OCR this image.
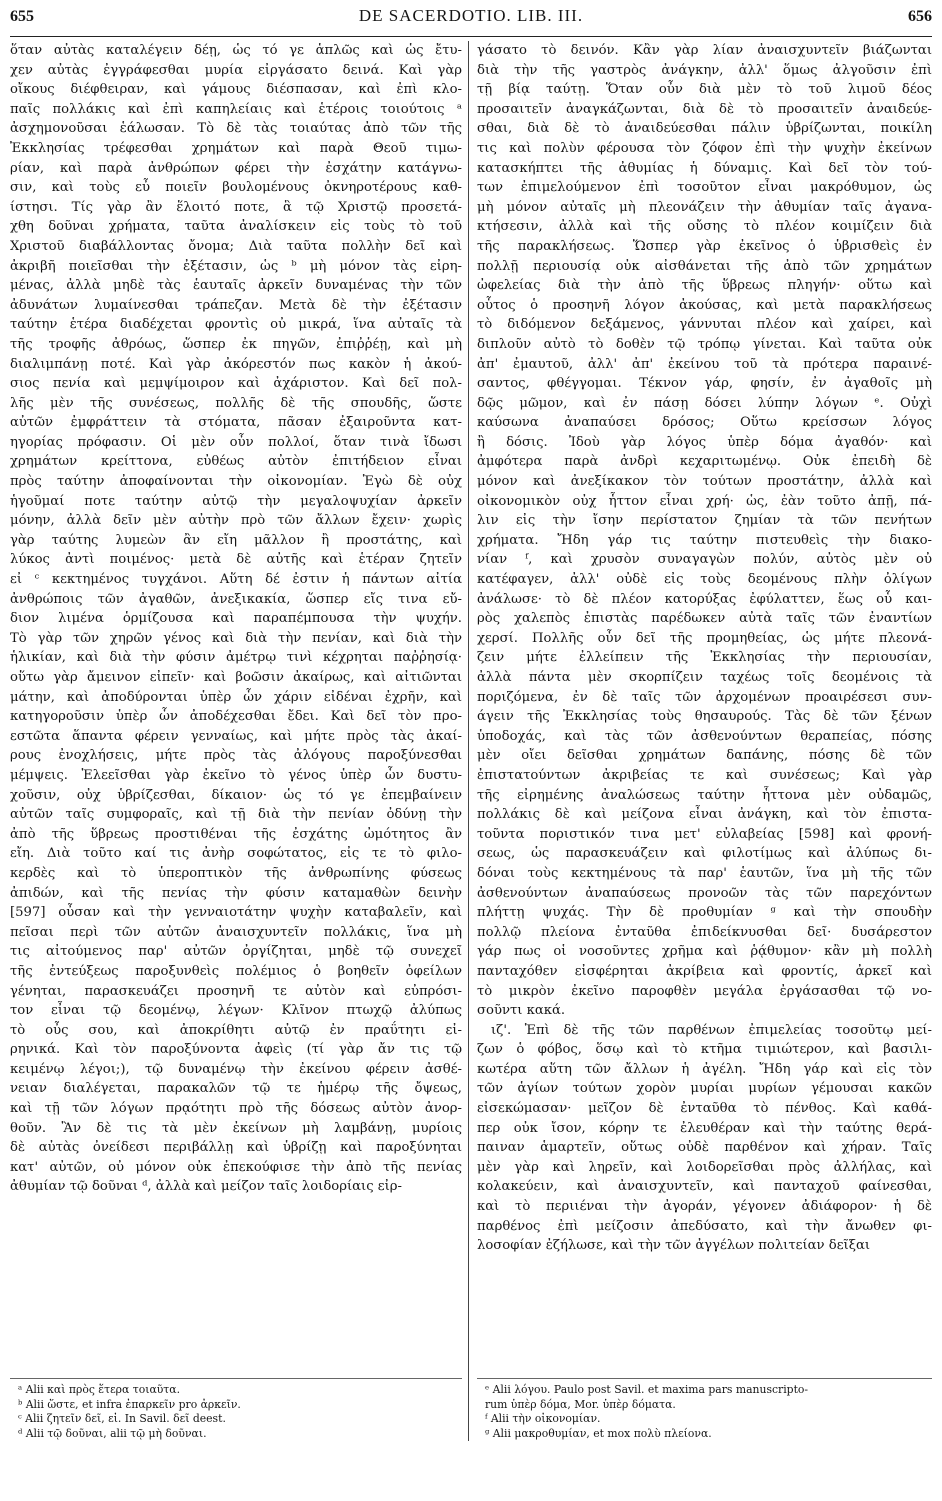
655	DE SACERDOTIO. LIB. III.	656
ὅταν αὐτὰς καταλέγειν δέῃ, ὡς τό γε ἁπλῶς καὶ ὡς ἔτυ-
χεν αὐτὰς ἐγγράφεσθαι μυρία εἰργάσατο δεινά. Καὶ γὰρ
οἴκους διέφθειραν, καὶ γάμους διέσπασαν, καὶ ἐπὶ κλο-
παῖς πολλάκις καὶ ἐπὶ καπηλείαις καὶ ἑτέροις τοιούτοις ᵃ
ἀσχημονοῦσαι ἑάλωσαν. Τὸ δὲ τὰς τοιαύτας ἀπὸ τῶν τῆς
Ἐκκλησίας τρέφεσθαι χρημάτων καὶ παρὰ Θεοῦ τιμω-
ρίαν, καὶ παρὰ ἀνθρώπων φέρει τὴν ἐσχάτην κατάγνω-
σιν, καὶ τοὺς εὖ ποιεῖν βουλομένους ὀκνηροτέρους καθ-
ίστησι. Τίς γὰρ ἂν ἕλοιτό ποτε, ἃ τῷ Χριστῷ προσετά-
χθη δοῦναι χρήματα, ταῦτα ἀναλίσκειν εἰς τοὺς τὸ τοῦ
Χριστοῦ διαβάλλοντας ὄνομα; Διὰ ταῦτα πολλὴν δεῖ καὶ
ἀκριβῆ ποιεῖσθαι τὴν ἐξέτασιν, ὡς ᵇ μὴ μόνον τὰς εἰρη-
μένας, ἀλλὰ μηδὲ τὰς ἑαυταῖς ἀρκεῖν δυναμένας τὴν τῶν
ἀδυνάτων λυμαίνεσθαι τράπεζαν. Μετὰ δὲ τὴν ἐξέτασιν
ταύτην ἑτέρα διαδέχεται φροντὶς οὐ μικρά, ἵνα αὐταῖς τὰ
τῆς τροφῆς ἀθρόως, ὥσπερ ἐκ πηγῶν, ἐπιῤῥέῃ, καὶ μὴ
διαλιμπάνῃ ποτέ. Καὶ γὰρ ἀκόρεστόν πως κακὸν ἡ ἀκού-
σιος πενία καὶ μεμψίμοιρον καὶ ἀχάριστον. Καὶ δεῖ πολ-
λῆς μὲν τῆς συνέσεως, πολλῆς δὲ τῆς σπουδῆς, ὥστε
αὐτῶν ἐμφράττειν τὰ στόματα, πᾶσαν ἐξαιροῦντα κατ-
ηγορίας πρόφασιν. Οἱ μὲν οὖν πολλοί, ὅταν τινὰ ἴδωσι
χρημάτων κρείττονα, εὐθέως αὐτὸν ἐπιτήδειον εἶναι
πρὸς ταύτην ἀποφαίνονται τὴν οἰκονομίαν. Ἐγὼ δὲ οὐχ
ἡγοῦμαί ποτε ταύτην αὐτῷ τὴν μεγαλοψυχίαν ἀρκεῖν
μόνην, ἀλλὰ δεῖν μὲν αὐτὴν πρὸ τῶν ἄλλων ἔχειν· χωρὶς
γὰρ ταύτης λυμεὼν ἂν εἴη μᾶλλον ἢ προστάτης, καὶ
λύκος ἀντὶ ποιμένος· μετὰ δὲ αὐτῆς καὶ ἑτέραν ζητεῖν
εἰ ᶜ κεκτημένος τυγχάνοι. Αὕτη δέ ἐστιν ἡ πάντων αἰτία
ἀνθρώποις τῶν ἀγαθῶν, ἀνεξικακία, ὥσπερ εἴς τινα εὔ-
διον λιμένα ὁρμίζουσα καὶ παραπέμπουσα τὴν ψυχήν.
Τὸ γὰρ τῶν χηρῶν γένος καὶ διὰ τὴν πενίαν, καὶ διὰ τὴν
ἡλικίαν, καὶ διὰ τὴν φύσιν ἀμέτρῳ τινὶ κέχρηται παῤῥησίᾳ·
οὕτω γὰρ ἄμεινον εἰπεῖν· καὶ βοῶσιν ἀκαίρως, καὶ αἰτιῶνται
μάτην, καὶ ἀποδύρονται ὑπὲρ ὧν χάριν εἰδέναι ἐχρῆν, καὶ
κατηγοροῦσιν ὑπὲρ ὧν ἀποδέχεσθαι ἔδει. Καὶ δεῖ τὸν προ-
εστῶτα ἅπαντα φέρειν γενναίως, καὶ μήτε πρὸς τὰς ἀκαί-
ρους ἐνοχλήσεις, μήτε πρὸς τὰς ἀλόγους παροξύνεσθαι
μέμψεις. Ἐλεεῖσθαι γὰρ ἐκεῖνο τὸ γένος ὑπὲρ ὧν δυστυ-
χοῦσιν, οὐχ ὑβρίζεσθαι, δίκαιον· ὡς τό γε ἐπεμβαίνειν
αὐτῶν ταῖς συμφοραῖς, καὶ τῇ διὰ τὴν πενίαν ὀδύνῃ τὴν
ἀπὸ τῆς ὕβρεως προστιθέναι τῆς ἐσχάτης ὠμότητος ἂν
εἴη. Διὰ τοῦτο καί τις ἀνὴρ σοφώτατος, εἰς τε τὸ φιλο-
κερδὲς καὶ τὸ ὑπεροπτικὸν τῆς ἀνθρωπίνης φύσεως
ἀπιδών, καὶ τῆς πενίας τὴν φύσιν καταμαθὼν δεινὴν
[597] οὖσαν καὶ τὴν γενναιοτάτην ψυχὴν καταβαλεῖν, καὶ
πεῖσαι περὶ τῶν αὐτῶν ἀναισχυντεῖν πολλάκις, ἵνα μὴ
τις αἰτούμενος παρ' αὐτῶν ὀργίζηται, μηδὲ τῷ συνεχεῖ
τῆς ἐντεύξεως παροξυνθεὶς πολέμιος ὁ βοηθεῖν ὀφείλων
γένηται, παρασκευάζει προσηνῆ τε αὐτὸν καὶ εὐπρόσι-
τον εἶναι τῷ δεομένῳ, λέγων· Κλῖνον πτωχῷ ἀλύπως
τὸ οὖς σου, καὶ ἀποκρίθητι αὐτῷ ἐν πραΰτητι εἰ-
ρηνικά. Καὶ τὸν παροξύνοντα ἀφεὶς (τί γὰρ ἄν τις τῷ
κειμένῳ λέγοι;), τῷ δυναμένῳ τὴν ἐκείνου φέρειν ἀσθέ-
νειαν διαλέγεται, παρακαλῶν τῷ τε ἡμέρῳ τῆς ὄψεως,
καὶ τῇ τῶν λόγων πρᾳότητι πρὸ τῆς δόσεως αὐτὸν ἀνορ-
θοῦν. Ἂν δὲ τις τὰ μὲν ἐκείνων μὴ λαμβάνῃ, μυρίοις
δὲ αὐτὰς ὀνείδεσι περιβάλλῃ καὶ ὑβρίζῃ καὶ παροξύνηται
κατ' αὐτῶν, οὐ μόνον οὐκ ἐπεκούφισε τὴν ἀπὸ τῆς πενίας
ἀθυμίαν τῷ δοῦναι ᵈ, ἀλλὰ καὶ μείζον ταῖς λοιδορίαις εἰρ-
ᵃ Alii καὶ πρὸς ἕτερα τοιαῦτα.
ᵇ Alii ὥστε, et infra ἐπαρκεῖν pro ἀρκεῖν.
ᶜ Alii ζητεῖν δεῖ, εἰ. In Savil. δεῖ deest.
ᵈ Alii τῷ δοῦναι, alii τῷ μὴ δοῦναι.
γάσατο τὸ δεινόν. Κἂν γὰρ λίαν ἀναισχυντεῖν βιάζωνται
διὰ τὴν τῆς γαστρὸς ἀνάγκην, ἀλλ' ὅμως ἀλγοῦσιν ἐπὶ
τῇ βίᾳ ταύτῃ. Ὅταν οὖν διὰ μὲν τὸ τοῦ λιμοῦ δέος
προσαιτεῖν ἀναγκάζωνται, διὰ δὲ τὸ προσαιτεῖν ἀναιδεύε-
σθαι, διὰ δὲ τὸ ἀναιδεύεσθαι πάλιν ὑβρίζωνται, ποικίλη
τις καὶ πολὺν φέρουσα τὸν ζόφον ἐπὶ τὴν ψυχὴν ἐκείνων
κατασκήπτει τῆς ἀθυμίας ἡ δύναμις. Καὶ δεῖ τὸν τού-
των ἐπιμελούμενον ἐπὶ τοσοῦτον εἶναι μακρόθυμον, ὡς
μὴ μόνον αὐταῖς μὴ πλεονάζειν τὴν ἀθυμίαν ταῖς ἀγανα-
κτήσεσιν, ἀλλὰ καὶ τῆς οὔσης τὸ πλέον κοιμίζειν διὰ
τῆς παρακλήσεως. Ὥσπερ γὰρ ἐκεῖνος ὁ ὑβρισθεὶς ἐν
πολλῇ περιουσίᾳ οὐκ αἰσθάνεται τῆς ἀπὸ τῶν χρημάτων
ὠφελείας διὰ τὴν ἀπὸ τῆς ὕβρεως πληγήν· οὕτω καὶ
οὗτος ὁ προσηνῆ λόγον ἀκούσας, καὶ μετὰ παρακλήσεως
τὸ διδόμενον δεξάμενος, γάννυται πλέον καὶ χαίρει, καὶ
διπλοῦν αὐτὸ τὸ δοθὲν τῷ τρόπῳ γίνεται. Καὶ ταῦτα οὐκ
ἀπ' ἐμαυτοῦ, ἀλλ' ἀπ' ἐκείνου τοῦ τὰ πρότερα παραινέ-
σαντος, φθέγγομαι. Τέκνον γάρ, φησίν, ἐν ἀγαθοῖς μὴ
δῷς μῶμον, καὶ ἐν πάσῃ δόσει λύπην λόγων ᵉ. Οὐχὶ
καύσωνα ἀναπαύσει δρόσος; Οὕτω κρείσσων λόγος
ἢ δόσις. Ἰδοὺ γὰρ λόγος ὑπὲρ δόμα ἀγαθόν· καὶ
ἀμφότερα παρὰ ἀνδρὶ κεχαριτωμένῳ. Οὐκ ἐπειδὴ δὲ
μόνον καὶ ἀνεξίκακον τὸν τούτων προστάτην, ἀλλὰ καὶ
οἰκονομικὸν οὐχ ἧττον εἶναι χρή· ὡς, ἐὰν τοῦτο ἀπῇ, πά-
λιν εἰς τὴν ἴσην περίστατον ζημίαν τὰ τῶν πενήτων
χρήματα. Ἤδη γάρ τις ταύτην πιστευθεὶς τὴν διακο-
νίαν ᶠ, καὶ χρυσὸν συναγαγὼν πολύν, αὐτὸς μὲν οὐ
κατέφαγεν, ἀλλ' οὐδὲ εἰς τοὺς δεομένους πλὴν ὀλίγων
ἀνάλωσε· τὸ δὲ πλέον κατορύξας ἐφύλαττεν, ἕως οὗ και-
ρὸς χαλεπὸς ἐπιστὰς παρέδωκεν αὐτὰ ταῖς τῶν ἐναντίων
χερσί. Πολλῆς οὖν δεῖ τῆς προμηθείας, ὡς μήτε πλεονά-
ζειν μήτε ἐλλείπειν τῆς Ἐκκλησίας τὴν περιουσίαν,
ἀλλὰ πάντα μὲν σκορπίζειν ταχέως τοῖς δεομένοις τὰ
ποριζόμενα, ἐν δὲ ταῖς τῶν ἀρχομένων προαιρέσεσι συν-
άγειν τῆς Ἐκκλησίας τοὺς θησαυρούς. Τὰς δὲ τῶν ξένων
ὑποδοχάς, καὶ τὰς τῶν ἀσθενούντων θεραπείας, πόσης
μὲν οἴει δεῖσθαι χρημάτων δαπάνης, πόσης δὲ τῶν
ἐπιστατούντων ἀκριβείας τε καὶ συνέσεως; Καὶ γὰρ
τῆς εἰρημένης ἀναλώσεως ταύτην ἧττονα μὲν οὐδαμῶς,
πολλάκις δὲ καὶ μείζονα εἶναι ἀνάγκη, καὶ τὸν ἐπιστα-
τοῦντα ποριστικόν τινα μετ' εὐλαβείας [598] καὶ φρονή-
σεως, ὡς παρασκευάζειν καὶ φιλοτίμως καὶ ἀλύπως δι-
δόναι τοὺς κεκτημένους τὰ παρ' ἑαυτῶν, ἵνα μὴ τῆς τῶν
ἀσθενούντων ἀναπαύσεως προνοῶν τὰς τῶν παρεχόντων
πλήττῃ ψυχάς. Τὴν δὲ προθυμίαν ᵍ καὶ τὴν σπουδὴν
πολλῷ πλείονα ἐνταῦθα ἐπιδείκνυσθαι δεῖ· δυσάρεστον
γάρ πως οἱ νοσοῦντες χρῆμα καὶ ῥᾴθυμον· κἂν μὴ πολλὴ
πανταχόθεν εἰσφέρηται ἀκρίβεια καὶ φροντίς, ἀρκεῖ καὶ
τὸ μικρὸν ἐκεῖνο παροφθὲν μεγάλα ἐργάσασθαι τῷ νο-
σοῦντι κακά.
ιζ'. Ἐπὶ δὲ τῆς τῶν παρθένων ἐπιμελείας τοσοῦτῳ μεί-
ζων ὁ φόβος, ὅσῳ καὶ τὸ κτῆμα τιμιώτερον, καὶ βασιλι-
κωτέρα αὕτη τῶν ἄλλων ἡ ἀγέλη. Ἤδη γάρ καὶ εἰς τὸν
τῶν ἁγίων τούτων χορὸν μυρίαι μυρίων γέμουσαι κακῶν
εἰσεκώμασαν· μεῖζον δὲ ἐνταῦθα τὸ πένθος. Καὶ καθά-
περ οὐκ ἴσον, κόρην τε ἐλευθέραν καὶ τὴν ταύτης θερά-
παιναν ἁμαρτεῖν, οὕτως οὐδὲ παρθένον καὶ χήραν. Ταῖς
μὲν γὰρ καὶ ληρεῖν, καὶ λοιδορεῖσθαι πρὸς ἀλλήλας, καὶ
κολακεύειν, καὶ ἀναισχυντεῖν, καὶ πανταχοῦ φαίνεσθαι,
καὶ τὸ περιιέναι τὴν ἀγοράν, γέγονεν ἀδιάφορον· ἡ δὲ
παρθένος ἐπὶ μείζοσιν ἀπεδύσατο, καὶ τὴν ἄνωθεν φι-
λοσοφίαν ἐζήλωσε, καὶ τὴν τῶν ἀγγέλων πολιτείαν δεῖξαι
ᵉ Alii λόγου. Paulo post Savil. et maxima pars manuscripto-
rum ὑπὲρ δόμα, Mor. ὑπὲρ δόματα.
ᶠ Alii τὴν οἰκονομίαν.
ᵍ Alii μακροθυμίαν, et mox πολὺ πλείονα.
